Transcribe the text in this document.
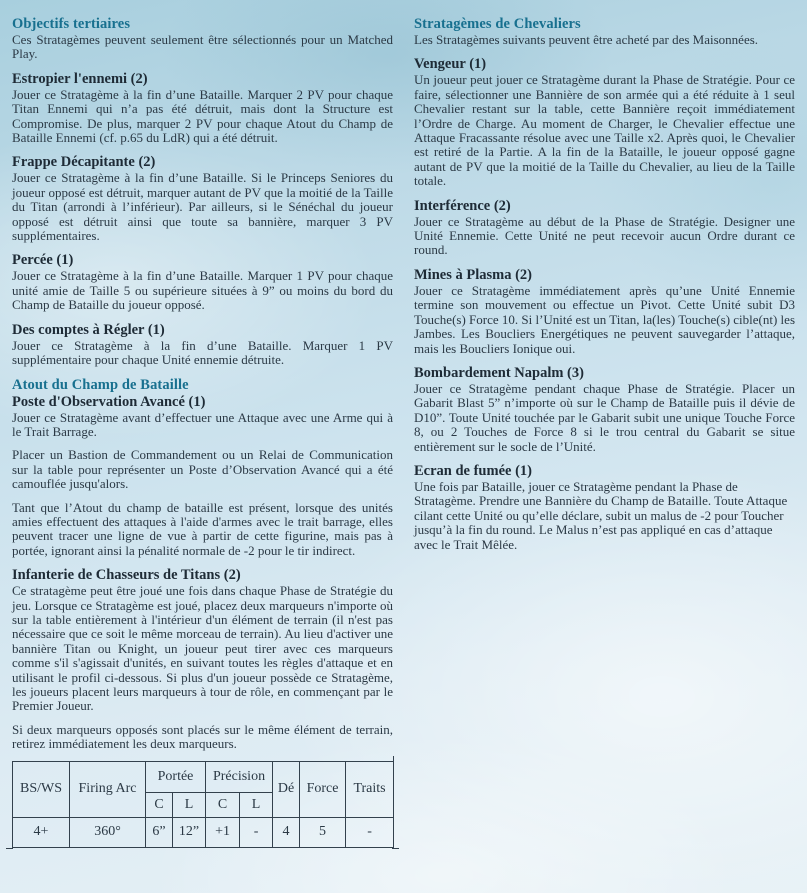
Objectifs tertiaires

Ces Stratagèmes peuvent seulement être sélectionnés pour un Matched Play.

Estropier l'ennemi (2)

Jouer ce Stratagème à la fin d’une Bataille. Marquer 2 PV pour chaque Titan Ennemi qui n’a pas été détruit, mais dont la Structure est Compromise. De plus, marquer 2 PV pour chaque Atout du Champ de Bataille Ennemi (cf. p.65 du LdR) qui a été détruit.

Frappe Décapitante (2)

Jouer ce Stratagème à la fin d’une Bataille. Si le Princeps Seniores du joueur opposé est détruit, marquer autant de PV que la moitié de la Taille du Titan (arrondi à l’inférieur). Par ailleurs, si le Sénéchal du joueur opposé est détruit ainsi que toute sa bannière, marquer 3 PV supplémentaires.

Percée (1)

Jouer ce Stratagème à la fin d’une Bataille. Marquer 1 PV pour chaque unité amie de Taille 5 ou supérieure situées à 9” ou moins du bord du Champ de Bataille du joueur opposé.

Des comptes à Régler (1)

Jouer ce Stratagème à la fin d’une Bataille. Marquer 1 PV supplémentaire pour chaque Unité ennemie détruite.

Atout du Champ de Bataille
Poste d'Observation Avancé (1)

Jouer ce Stratagème avant d’effectuer une Attaque avec une Arme qui à le Trait Barrage.

Placer un Bastion de Commandement ou un Relai de Communication sur la table pour représenter un Poste d’Observation Avancé qui a été camouflée jusqu'alors.

Tant que l’Atout du champ de bataille est présent, lorsque des unités amies effectuent des attaques à l'aide d'armes avec le trait barrage, elles peuvent tracer une ligne de vue à partir de cette figurine, mais pas à portée, ignorant ainsi la pénalité normale de -2 pour le tir indirect.

Infanterie de Chasseurs de Titans (2)

Ce stratagème peut être joué une fois dans chaque Phase de Stratégie du jeu. Lorsque ce Stratagème est joué, placez deux marqueurs n'importe où sur la table entièrement à l'intérieur d'un élément de terrain (il n'est pas nécessaire que ce soit le même morceau de terrain). Au lieu d'activer une bannière Titan ou Knight, un joueur peut tirer avec ces marqueurs comme s'il s'agissait d'unités, en suivant toutes les règles d'attaque et en utilisant le profil ci-dessous. Si plus d'un joueur possède ce Stratagème, les joueurs placent leurs marqueurs à tour de rôle, en commençant par le Premier Joueur.

Si deux marqueurs opposés sont placés sur le même élément de terrain, retirez immédiatement les deux marqueurs.

BS/WS	Firing Arc	Portée		Précision		Dé	Force	Traits
		C	L	C	L			
4+	360°	6”	12”	+1	-	4	5	-
Stratagèmes de Chevaliers

Les Stratagèmes suivants peuvent être acheté par des Maisonnées.

Vengeur (1)

Un joueur peut jouer ce Stratagème durant la Phase de Stratégie. Pour ce faire, sélectionner une Bannière de son armée qui a été réduite à 1 seul Chevalier restant sur la table, cette Bannière reçoit immédiatement l’Ordre de Charge. Au moment de Charger, le Chevalier effectue une Attaque Fracassante résolue avec une Taille x2. Après quoi, le Chevalier est retiré de la Partie. A la fin de la Bataille, le joueur opposé gagne autant de PV que la moitié de la Taille du Chevalier, au lieu de la Taille totale.

Interférence (2)

Jouer ce Stratagème au début de la Phase de Stratégie. Designer une Unité Ennemie. Cette Unité ne peut recevoir aucun Ordre durant ce round.

Mines à Plasma (2)

Jouer ce Stratagème immédiatement après qu’une Unité Ennemie termine son mouvement ou effectue un Pivot. Cette Unité subit D3 Touche(s) Force 10. Si l’Unité est un Titan, la(les) Touche(s) cible(nt) les Jambes. Les Boucliers Energétiques ne peuvent sauvegarder l’attaque, mais les Boucliers Ionique oui.

Bombardement Napalm (3)

Jouer ce Stratagème pendant chaque Phase de Stratégie. Placer un Gabarit Blast 5” n’importe où sur le Champ de Bataille puis il dévie de D10”. Toute Unité touchée par le Gabarit subit une unique Touche Force 8, ou 2 Touches de Force 8 si le trou central du Gabarit se situe entièrement sur le socle de l’Unité.

Ecran de fumée (1)

Une fois par Bataille, jouer ce Stratagème pendant la Phase de Stratagème. Prendre une Bannière du Champ de Bataille. Toute Attaque cilant cette Unité ou qu’elle déclare, subit un malus de -2 pour Toucher jusqu’à la fin du round. Le Malus n’est pas appliqué en cas d’attaque avec le Trait Mêlée.
